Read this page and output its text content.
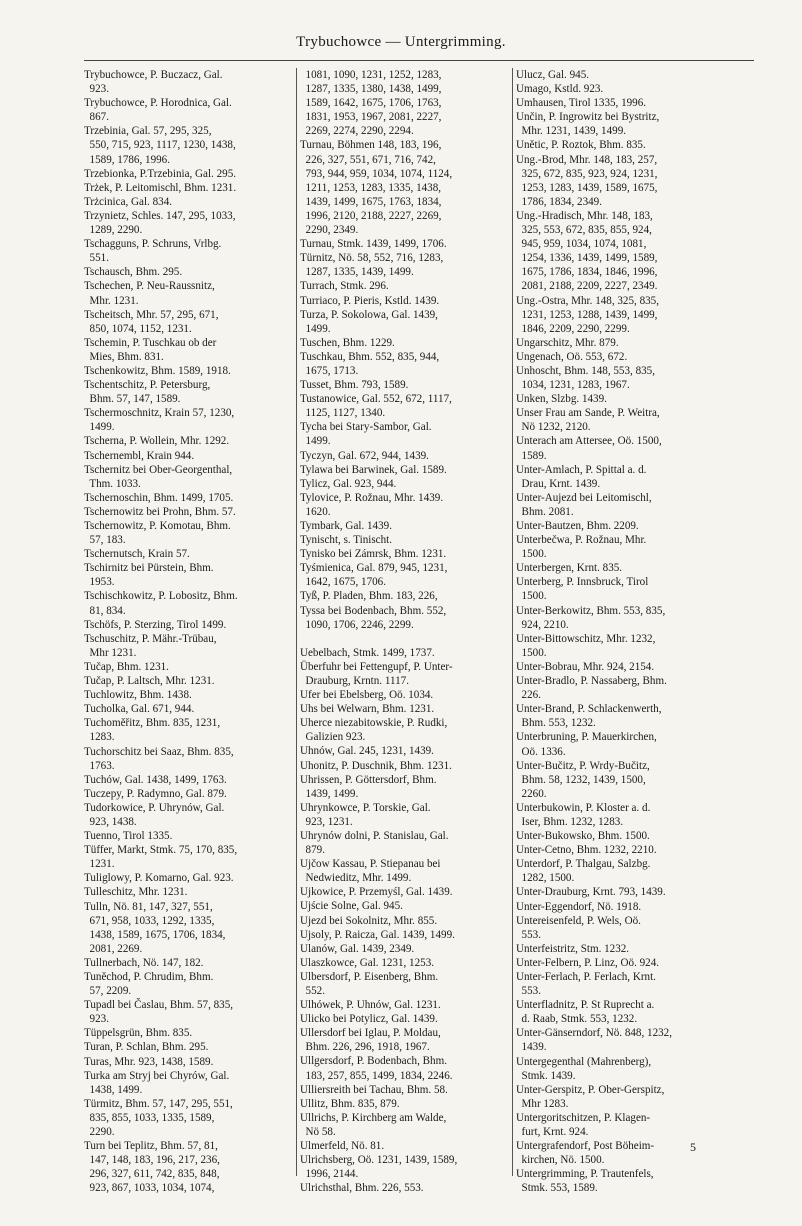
Trybuchowce — Untergrimming.
Trybuchowce, P. Buczacz, Gal.
923.
Trybuchowce, P. Horodnica, Gal.
867.
Trzebinia, Gal. 57, 295, 325,
550, 715, 923, 1117, 1230, 1438,
1589, 1786, 1996.
Trzebionka, P.Trzebinia, Gal. 295.
Trżek, P. Leitomischl, Bhm. 1231.
Trżcinica, Gal. 834.
Trzynietz, Schles. 147, 295, 1033,
1289, 2290.
Tschagguns, P. Schruns, Vrlbg.
551.
Tschausch, Bhm. 295.
Tschechen, P. Neu-Raussnitz,
Mhr. 1231.
Tscheitsch, Mhr. 57, 295, 671,
850, 1074, 1152, 1231.
Tschemin, P. Tuschkau ob der
Mies, Bhm. 831.
Tschenkowitz, Bhm. 1589, 1918.
Tschentschitz, P. Petersburg,
Bhm. 57, 147, 1589.
Tschermoschnitz, Krain 57, 1230,
1499.
Tscherna, P. Wollein, Mhr. 1292.
Tschernembl, Krain 944.
Tschernitz bei Ober-Georgenthal,
Thm. 1033.
Tschernoschin, Bhm. 1499, 1705.
Tschernowitz bei Prohn, Bhm. 57.
Tschernowitz, P. Komotau, Bhm.
57, 183.
Tschernutsch, Krain 57.
Tschirnitz bei Pürstein, Bhm.
1953.
Tschischkowitz, P. Lobositz, Bhm.
81, 834.
Tschöfs, P. Sterzing, Tirol 1499.
Tschuschitz, P. Mähr.-Trübau,
Mhr 1231.
Tučap, Bhm. 1231.
Tučap, P. Laltsch, Mhr. 1231.
Tuchlowitz, Bhm. 1438.
Tucholka, Gal. 671, 944.
Tuchoměřitz, Bhm. 835, 1231,
1283.
Tuchorschitz bei Saaz, Bhm. 835,
1763.
Tuchów, Gal. 1438, 1499, 1763.
Tuczepy, P. Radymno, Gal. 879.
Tudorkowice, P. Uhrynów, Gal.
923, 1438.
Tuenno, Tirol 1335.
Tüffer, Markt, Stmk. 75, 170, 835,
1231.
Tuliglowy, P. Komarno, Gal. 923.
Tulleschitz, Mhr. 1231.
Tulln, Nö. 81, 147, 327, 551,
671, 958, 1033, 1292, 1335,
1438, 1589, 1675, 1706, 1834,
2081, 2269.
Tullnerbach, Nö. 147, 182.
Tuněchod, P. Chrudim, Bhm.
57, 2209.
Tupadl bei Časlau, Bhm. 57, 835,
923.
Tüppelsgrün, Bhm. 835.
Turan, P. Schlan, Bhm. 295.
Turas, Mhr. 923, 1438, 1589.
Turka am Stryj bei Chyrów, Gal.
1438, 1499.
Türmitz, Bhm. 57, 147, 295, 551,
835, 855, 1033, 1335, 1589,
2290.
Turn bei Teplitz, Bhm. 57, 81,
147, 148, 183, 196, 217, 236,
296, 327, 611, 742, 835, 848,
923, 867, 1033, 1034, 1074,
1081, 1090, 1231, 1252, 1283,
1287, 1335, 1380, 1438, 1499,
1589, 1642, 1675, 1706, 1763,
1831, 1953, 1967, 2081, 2227,
2269, 2274, 2290, 2294.
Turnau, Böhmen 148, 183, 196,
226, 327, 551, 671, 716, 742,
793, 944, 959, 1034, 1074, 1124,
1211, 1253, 1283, 1335, 1438,
1439, 1499, 1675, 1763, 1834,
1996, 2120, 2188, 2227, 2269,
2290, 2349.
Turnau, Stmk. 1439, 1499, 1706.
Türnitz, Nö. 58, 552, 716, 1283,
1287, 1335, 1439, 1499.
Turrach, Stmk. 296.
Turriaco, P. Pieris, Kstld. 1439.
Turza, P. Sokolowa, Gal. 1439,
1499.
Tuschen, Bhm. 1229.
Tuschkau, Bhm. 552, 835, 944,
1675, 1713.
Tusset, Bhm. 793, 1589.
Tustanowice, Gal. 552, 672, 1117,
1125, 1127, 1340.
Tycha bei Stary-Sambor, Gal.
1499.
Tyczyn, Gal. 672, 944, 1439.
Tylawa bei Barwinek, Gal. 1589.
Tylicz, Gal. 923, 944.
Tylovice, P. Rožnau, Mhr. 1439.
1620.
Tymbark, Gal. 1439.
Tynischt, s. Tinischt.
Tynisko bei Zámrsk, Bhm. 1231.
Tyśmienica, Gal. 879, 945, 1231,
1642, 1675, 1706.
Tyß, P. Pladen, Bhm. 183, 226,
Tyssa bei Bodenbach, Bhm. 552,
1090, 1706, 2246, 2299.
Uebelbach, Stmk. 1499, 1737.
Überfuhr bei Fettengupf, P. Unter-
Drauburg, Krntn. 1117.
Ufer bei Ebelsberg, Oö. 1034.
Uhs bei Welwarn, Bhm. 1231.
Uherce niezabitowskie, P. Rudki,
Galizien 923.
Uhnów, Gal. 245, 1231, 1439.
Uhonitz, P. Duschnik, Bhm. 1231.
Uhrissen, P. Göttersdorf, Bhm.
1439, 1499.
Uhrynkowce, P. Torskie, Gal.
923, 1231.
Uhrynów dolni, P. Stanislau, Gal.
879.
Ujčow Kassau, P. Stiepanau bei
Nedwieditz, Mhr. 1499.
Ujkowice, P. Przemyśl, Gal. 1439.
Ujście Solne, Gal. 945.
Ujezd bei Sokolnitz, Mhr. 855.
Ujsoly, P. Raicza, Gal. 1439, 1499.
Ulanów, Gal. 1439, 2349.
Ulaszkowce, Gal. 1231, 1253.
Ulbersdorf, P. Eisenberg, Bhm.
552.
Ulhówek, P. Uhnów, Gal. 1231.
Ulicko bei Potylicz, Gal. 1439.
Ullersdorf bei Iglau, P. Moldau,
Bhm. 226, 296, 1918, 1967.
Ullgersdorf, P. Bodenbach, Bhm.
183, 257, 855, 1499, 1834, 2246.
Ulliersreith bei Tachau, Bhm. 58.
Ullitz, Bhm. 835, 879.
Ullrichs, P. Kirchberg am Walde,
Nö 58.
Ulmerfeld, Nö. 81.
Ulrichsberg, Oö. 1231, 1439, 1589,
1996, 2144.
Ulrichsthal, Bhm. 226, 553.
Ulucz, Gal. 945.
Umago, Kstld. 923.
Umhausen, Tirol 1335, 1996.
Unčin, P. Ingrowitz bei Bystritz,
Mhr. 1231, 1439, 1499.
Unětic, P. Roztok, Bhm. 835.
Ung.-Brod, Mhr. 148, 183, 257,
325, 672, 835, 923, 924, 1231,
1253, 1283, 1439, 1589, 1675,
1786, 1834, 2349.
Ung.-Hradisch, Mhr. 148, 183,
325, 553, 672, 835, 855, 924,
945, 959, 1034, 1074, 1081,
1254, 1336, 1439, 1499, 1589,
1675, 1786, 1834, 1846, 1996,
2081, 2188, 2209, 2227, 2349.
Ung.-Ostra, Mhr. 148, 325, 835,
1231, 1253, 1288, 1439, 1499,
1846, 2209, 2290, 2299.
Ungarschitz, Mhr. 879.
Ungenach, Oö. 553, 672.
Unhoscht, Bhm. 148, 553, 835,
1034, 1231, 1283, 1967.
Unken, Slzbg. 1439.
Unser Frau am Sande, P. Weitra,
Nö 1232, 2120.
Unterach am Attersee, Oö. 1500,
1589.
Unter-Amlach, P. Spittal a. d.
Drau, Krnt. 1439.
Unter-Aujezd bei Leitomischl,
Bhm. 2081.
Unter-Bautzen, Bhm. 2209.
Unterbečwa, P. Rožnau, Mhr.
1500.
Unterbergen, Krnt. 835.
Unterberg, P. Innsbruck, Tirol
1500.
Unter-Berkowitz, Bhm. 553, 835,
924, 2210.
Unter-Bittowschitz, Mhr. 1232,
1500.
Unter-Bobrau, Mhr. 924, 2154.
Unter-Bradlo, P. Nassaberg, Bhm.
226.
Unter-Brand, P. Schlackenwerth,
Bhm. 553, 1232.
Unterbruning, P. Mauerkirchen,
Oö. 1336.
Unter-Bučitz, P. Wrdy-Bučitz,
Bhm. 58, 1232, 1439, 1500,
2260.
Unterbukowin, P. Kloster a. d.
Iser, Bhm. 1232, 1283.
Unter-Bukowsko, Bhm. 1500.
Unter-Cetno, Bhm. 1232, 2210.
Unterdorf, P. Thalgau, Salzbg.
1282, 1500.
Unter-Drauburg, Krnt. 793, 1439.
Unter-Eggendorf, Nö. 1918.
Untereisenfeld, P. Wels, Oö.
553.
Unterfeistritz, Stm. 1232.
Unter-Felbern, P. Linz, Oö. 924.
Unter-Ferlach, P. Ferlach, Krnt.
553.
Unterfladnitz, P. St Ruprecht a.
d. Raab, Stmk. 553, 1232.
Unter-Gänserndorf, Nö. 848, 1232,
1439.
Untergegenthal (Mahrenberg),
Stmk. 1439.
Unter-Gerspitz, P. Ober-Gerspitz,
Mhr 1283.
Untergoritschitzen, P. Klagen-
furt, Krnt. 924.
Untergrafendorf, Post Böheim-
kirchen, Nö. 1500.
Untergrimming, P. Trautenfels,
Stmk. 553, 1589.
5
